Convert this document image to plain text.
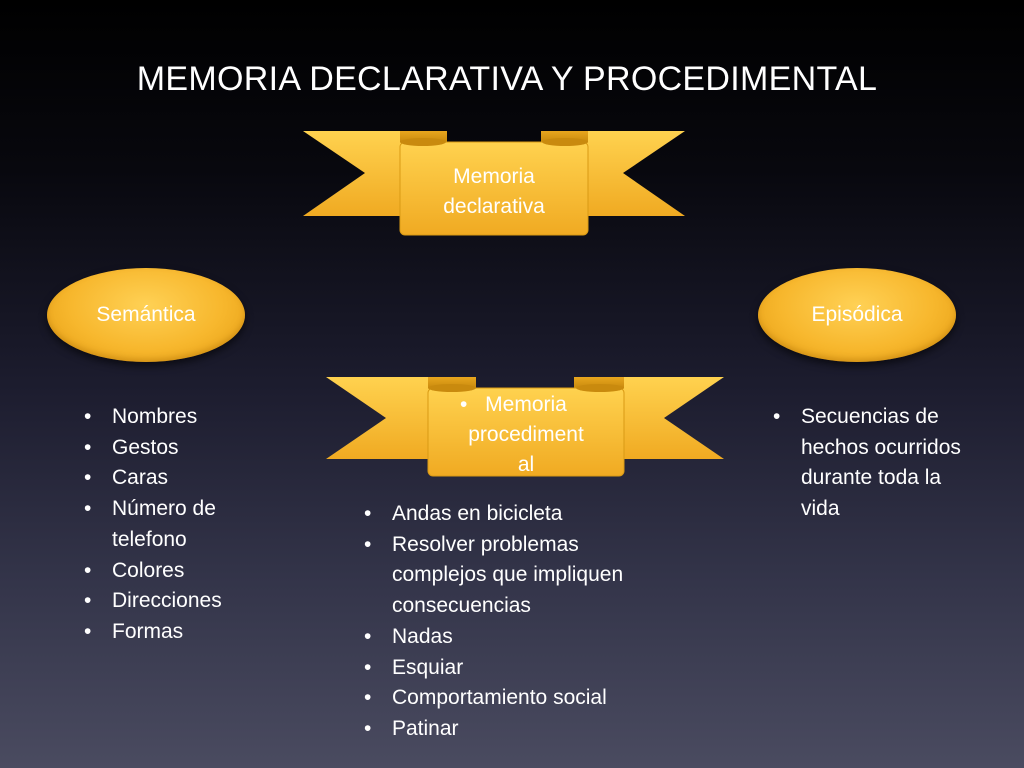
MEMORIA DECLARATIVA Y PROCEDIMENTAL
Memoria
declarativa
• Memoria
procediment
al
Semántica	Episódica
• Nombres
• Gestos
• Caras
• Número de telefono
• Colores
• Direcciones
• Formas
• Andas en bicicleta
• Resolver problemas complejos que impliquen consecuencias
• Nadas
• Esquiar
• Comportamiento social
• Patinar
• Secuencias de hechos ocurridos durante toda la vida
